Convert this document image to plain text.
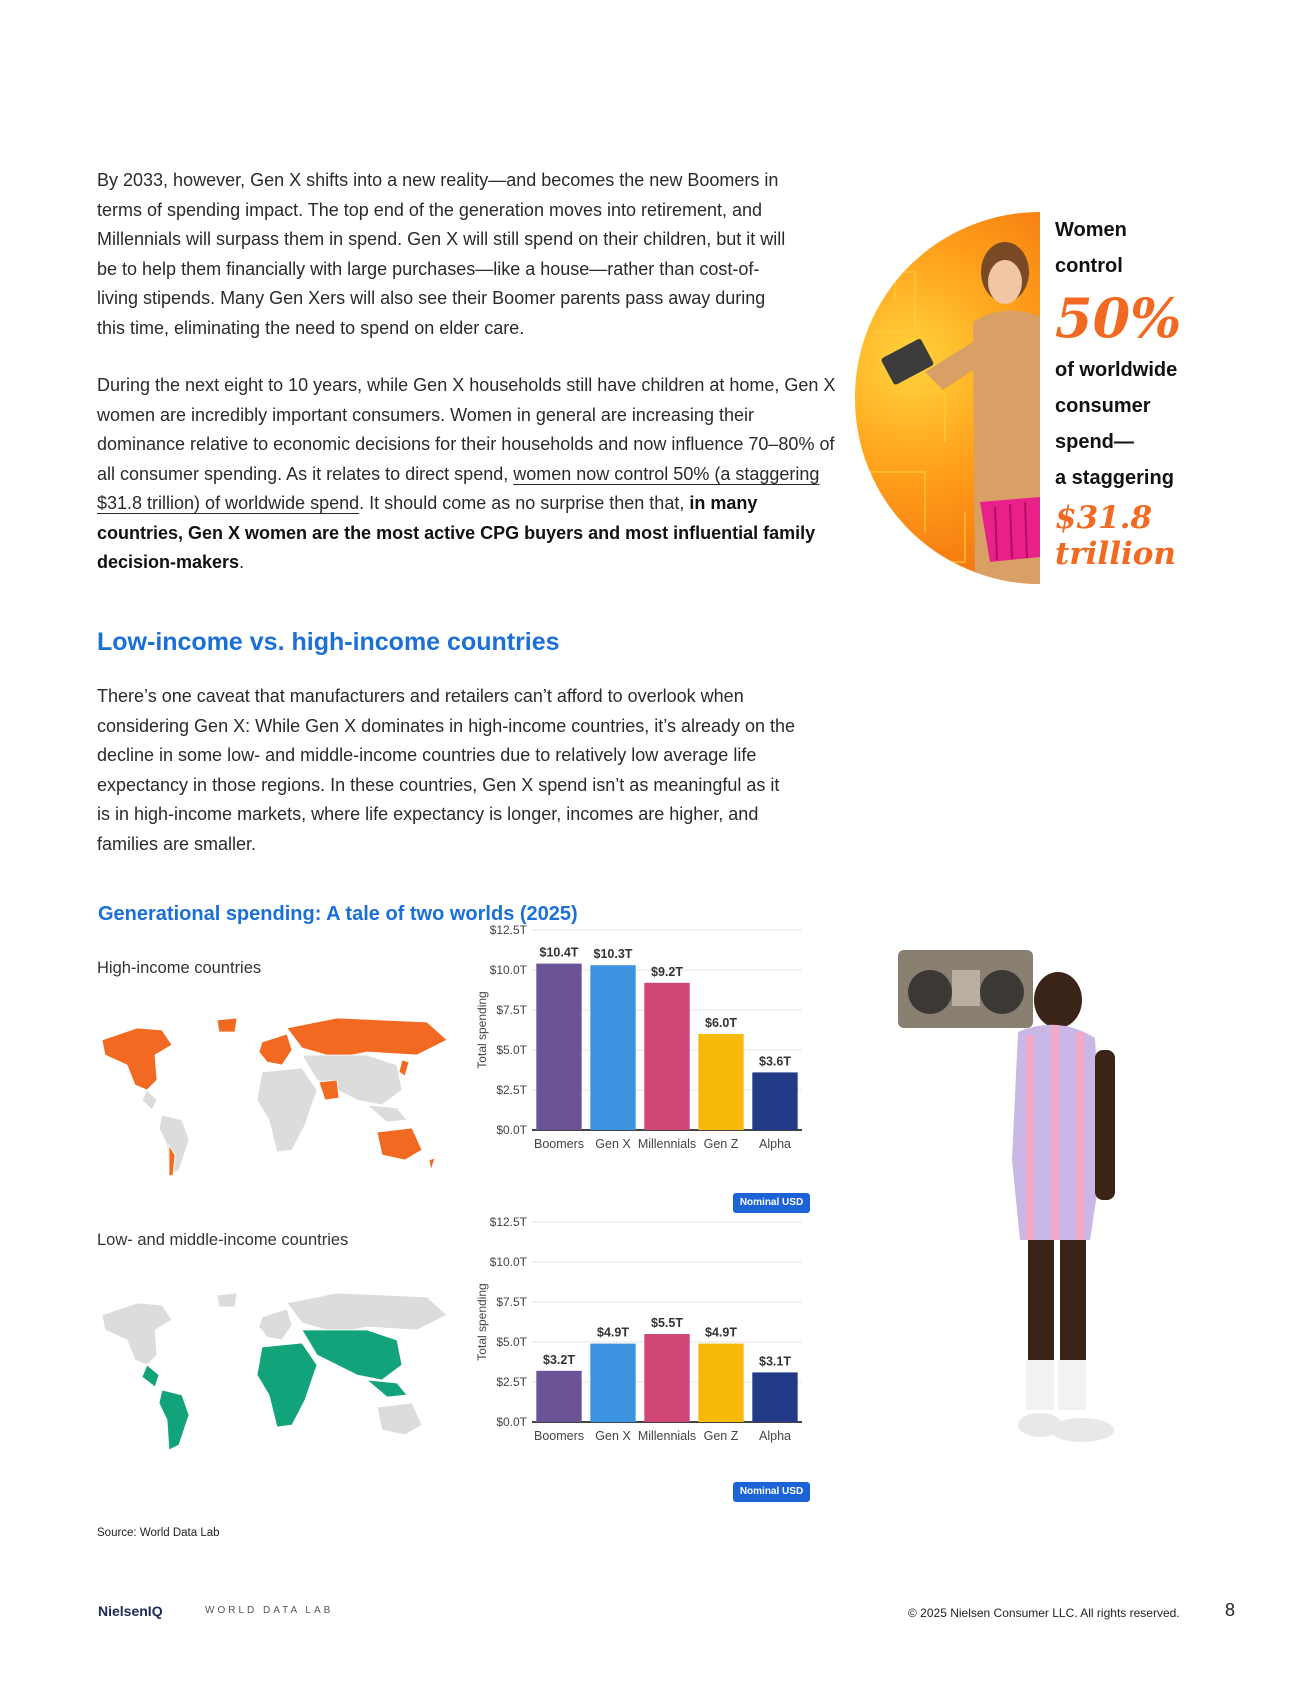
By 2033, however, Gen X shifts into a new reality—and becomes the new Boomers in terms of spending impact. The top end of the generation moves into retirement, and Millennials will surpass them in spend. Gen X will still spend on their children, but it will be to help them financially with large purchases—like a house—rather than cost-of-living stipends. Many Gen Xers will also see their Boomer parents pass away during this time, eliminating the need to spend on elder care.

During the next eight to 10 years, while Gen X households still have children at home, Gen X women are incredibly important consumers. Women in general are increasing their dominance relative to economic decisions for their households and now influence 70–80% of all consumer spending. As it relates to direct spend, women now control 50% (a staggering $31.8 trillion) of worldwide spend. It should come as no surprise then that, in many countries, Gen X women are the most active CPG buyers and most influential family decision-makers.

Low-income vs. high-income countries

There’s one caveat that manufacturers and retailers can’t afford to overlook when considering Gen X: While Gen X dominates in high-income countries, it’s already on the decline in some low- and middle-income countries due to relatively low average life expectancy in those regions. In these countries, Gen X spend isn’t as meaningful as it is in high-income markets, where life expectancy is longer, incomes are higher, and families are smaller.

Women
control
50%
of worldwide
consumer
spend—
a staggering
$31.8
trillion
Generational spending: A tale of two worlds (2025)
High-income countries
$0.0T
$2.5T
$5.0T
$7.5T
$10.0T
$12.5T
Total spending
$10.4T
Boomers
$10.3T
Gen X
$9.2T
Millennials
$6.0T
Gen Z
$3.6T
Alpha
Nominal USD
Low- and middle-income countries
$0.0T
$2.5T
$5.0T
$7.5T
$10.0T
$12.5T
Total spending	$3.2T
Boomers
$4.9T
Gen X
$5.5T
Millennials
$4.9T
Gen Z
$3.1T
Alpha
Nominal USD
Source: World Data Lab
NielsenIQ	WORLD DATA LAB	© 2025 Nielsen Consumer LLC. All rights reserved.	8
